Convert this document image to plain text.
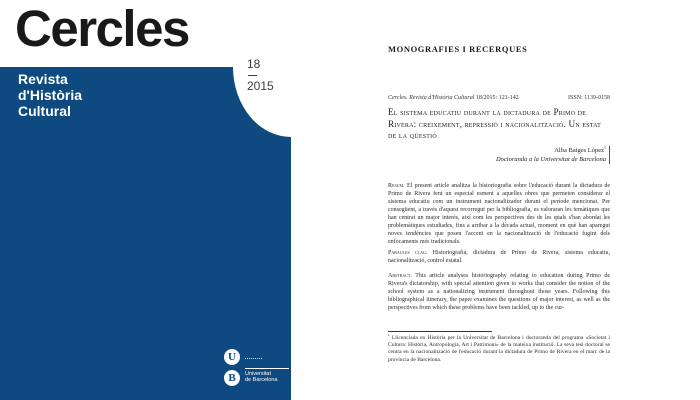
Cercles
Revista
d'Història
Cultural
18
2015
U
B	Universitat
de Barcelona
MONOGRAFIES I RECERQUES
Cercles. Revista d'Història Cultural 18/2015: 121-142	ISSN: 1139-0158
El sistema educatiu durant la dictadura de Primo de Rivera: creixement, repressió i nacionalització. Un estat de la qüestió
Alba Baiges López$^1$
Doctoranda a la Universitat de Barcelona
Resum. El present article analitza la historiografia sobre l'educació durant la dictadura de Primo de Rivera fent un especial esment a aquelles obres que permeten considerar el sistema educatiu com un instrument nacionalitzador durant el període mencionat. Per consegüent, a través d'aquest recorregut per la bibliografia, es valoraran les temàtiques que han centrat un major interès, així com les perspectives des de les quals s'han abordat les problemàtiques estudiades, fins a arribar a la dècada actual, moment en què han aparegut noves tendències que posen l'accent en la nacionalització de l'educació fugint dels enfocaments més tradicionals.
Paraules clau. Historiografia, dictadura de Primo de Rivera, sistema educatiu, nacionalització, control estatal.
Abstract. This article analyses historiography relating to education during Primo de Rivera's dictatorship, with special attention given to works that consider the notion of the school system as a nationalizing instrument throughout those years. Following this bibliographical itinerary, the paper examines the questions of major interest, as well as the perspectives from which these problems have been tackled, up to the cur-
$^1$ Llicenciada en Història per la Universitat de Barcelona i doctoranda del programa «Societat i Cultura: Història, Antropologia, Art i Patrimoni» de la mateixa institució. La seva tesi doctoral se centra en la nacionalització de l'educació durant la dictadura de Primo de Rivera en el marc de la província de Barcelona.
